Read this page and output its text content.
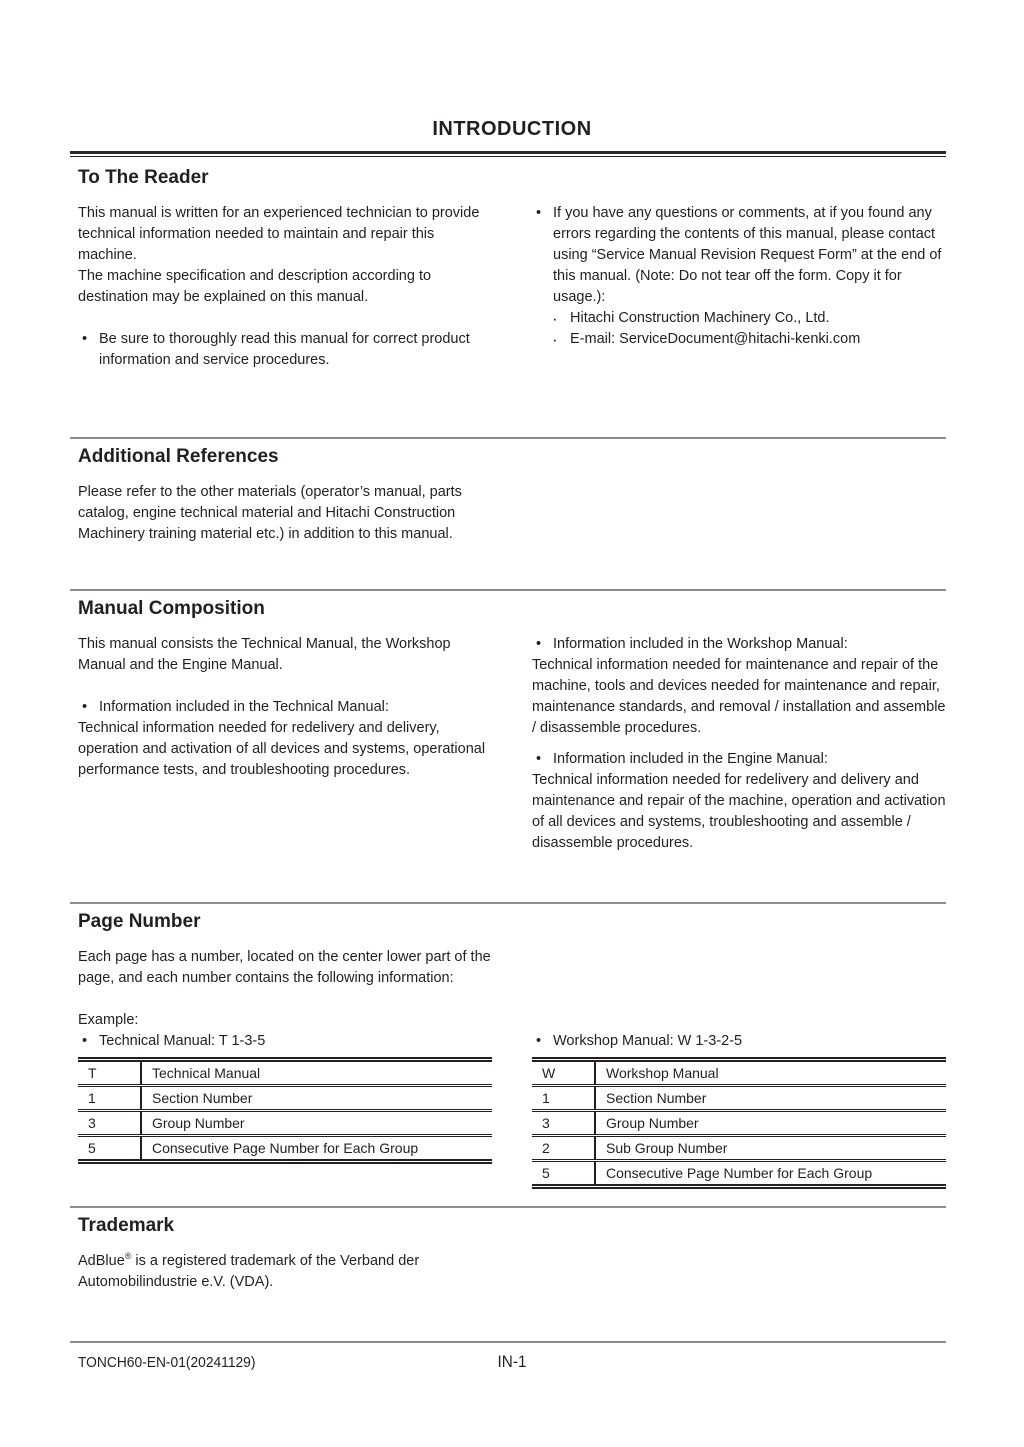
INTRODUCTION
To The Reader

This manual is written for an experienced technician to provide technical information needed to maintain and repair this machine.

The machine specification and description according to destination may be explained on this manual.

• Be sure to thoroughly read this manual for correct product information and service procedures.
• If you have any questions or comments, at if you found any errors regarding the contents of this manual, please contact using “Service Manual Revision Request Form” at the end of this manual. (Note: Do not tear off the form. Copy it for usage.):
· Hitachi Construction Machinery Co., Ltd.
· E-mail: ServiceDocument@hitachi-kenki.com
Additional References

Please refer to the other materials (operator’s manual, parts catalog, engine technical material and Hitachi Construction Machinery training material etc.) in addition to this manual.

Manual Composition

This manual consists the Technical Manual, the Workshop Manual and the Engine Manual.

• Information included in the Technical Manual:

Technical information needed for redelivery and delivery, operation and activation of all devices and systems, operational performance tests, and troubleshooting procedures.

• Information included in the Workshop Manual:

Technical information needed for maintenance and repair of the machine, tools and devices needed for maintenance and repair, maintenance standards, and removal / installation and assemble / disassemble procedures.

• Information included in the Engine Manual:

Technical information needed for redelivery and delivery and maintenance and repair of the machine, operation and activation of all devices and systems, troubleshooting and assemble / disassemble procedures.

Page Number

Each page has a number, located on the center lower part of the page, and each number contains the following information:

Example:

• Technical Manual: T 1-3-5
T	Technical Manual
1	Section Number
3	Group Number
5	Consecutive Page Number for Each Group
• Workshop Manual: W 1-3-2-5
W	Workshop Manual
1	Section Number
3	Group Number
2	Sub Group Number
5	Consecutive Page Number for Each Group
Trademark

AdBlue® is a registered trademark of the Verband der Automobilindustrie e.V. (VDA).

TONCH60-EN-01(20241129)	IN-1
